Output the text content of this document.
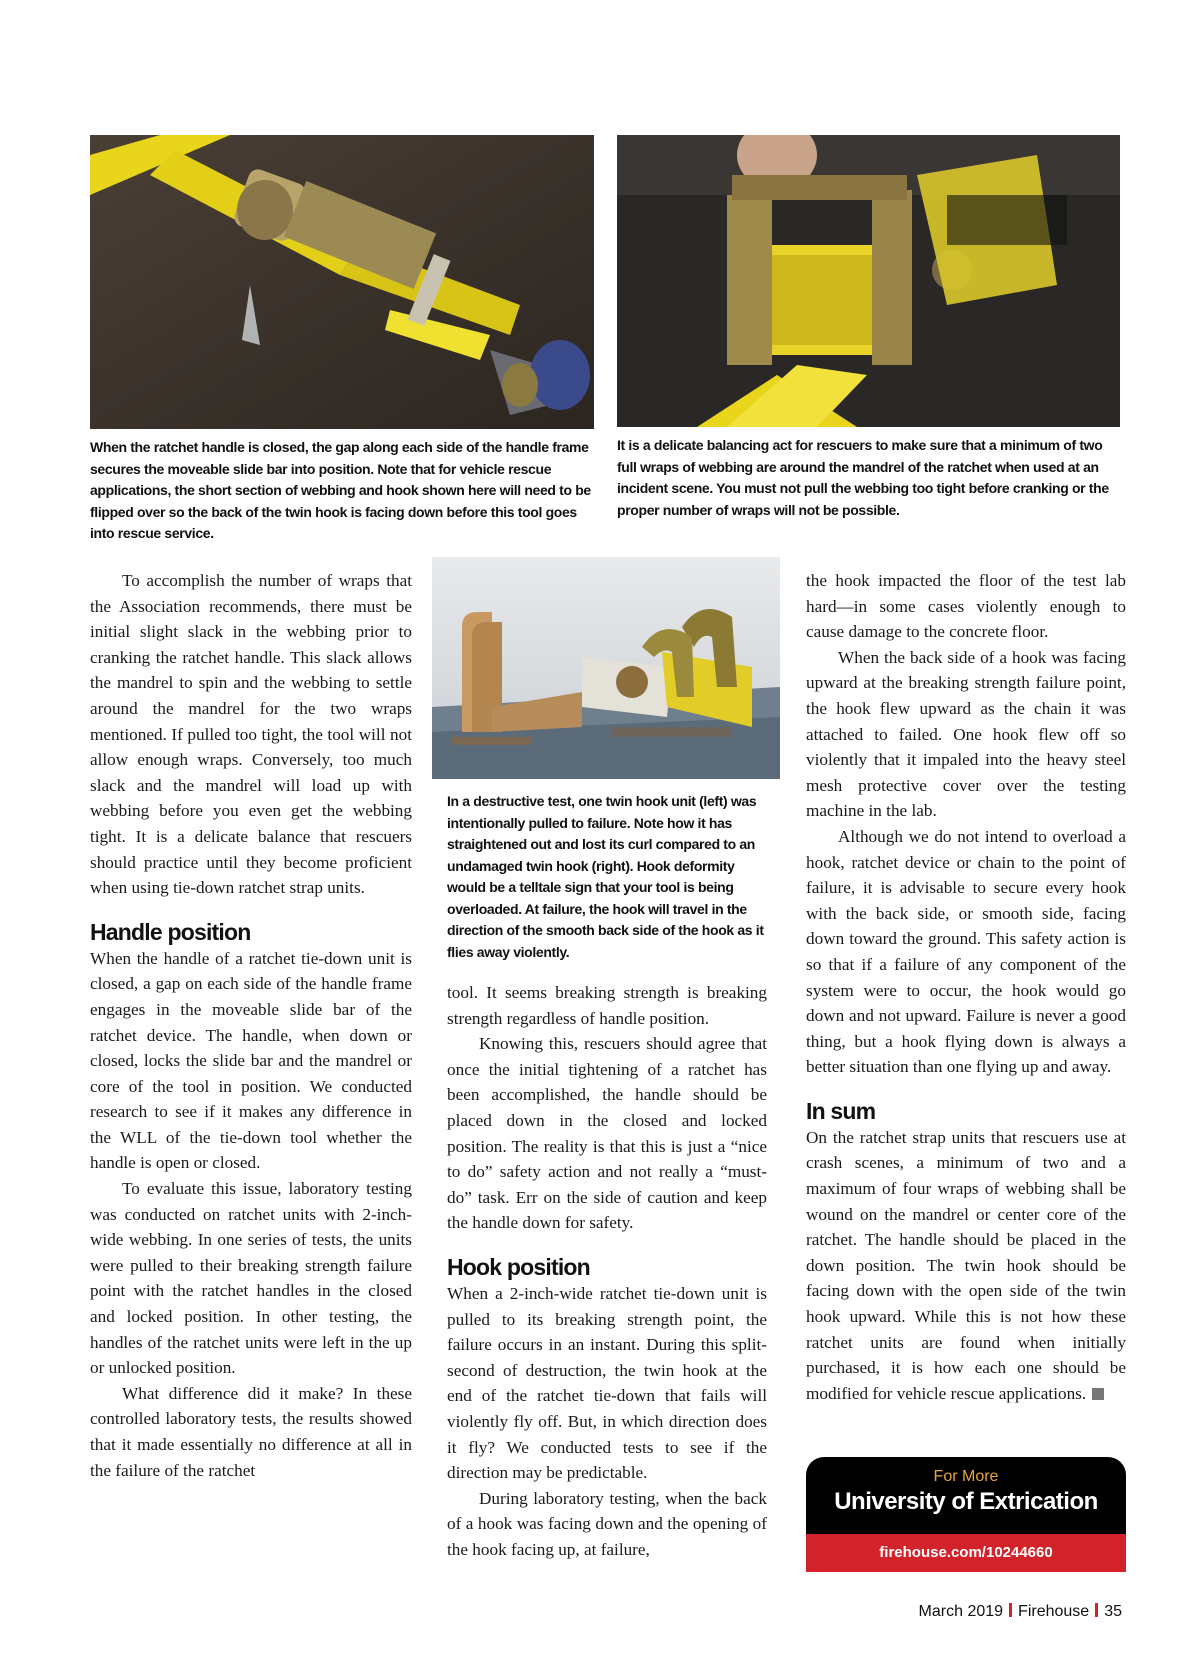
When the ratchet handle is closed, the gap along each side of the handle frame secures the moveable slide bar into position. Note that for vehicle rescue applications, the short section of webbing and hook shown here will need to be flipped over so the back of the twin hook is facing down before this tool goes into rescue service.
It is a delicate balancing act for rescuers to make sure that a minimum of two full wraps of webbing are around the mandrel of the ratchet when used at an incident scene. You must not pull the webbing too tight before cranking or the proper number of wraps will not be possible.
In a destructive test, one twin hook unit (left) was intentionally pulled to failure. Note how it has straightened out and lost its curl compared to an undamaged twin hook (right). Hook deformity would be a telltale sign that your tool is being overloaded. At failure, the hook will travel in the direction of the smooth back side of the hook as it flies away violently.

To accomplish the number of wraps that the Association recommends, there must be initial slight slack in the webbing prior to cranking the ratchet handle. This slack allows the mandrel to spin and the webbing to settle around the mandrel for the two wraps mentioned. If pulled too tight, the tool will not allow enough wraps. Conversely, too much slack and the mandrel will load up with webbing before you even get the webbing tight. It is a delicate balance that rescuers should practice until they become proficient when using tie-down ratchet strap units.

Handle position

When the handle of a ratchet tie-down unit is closed, a gap on each side of the handle frame engages in the moveable slide bar of the ratchet device. The handle, when down or closed, locks the slide bar and the mandrel or core of the tool in position. We conducted research to see if it makes any difference in the WLL of the tie-down tool whether the handle is open or closed.

To evaluate this issue, laboratory testing was conducted on ratchet units with 2-inch-wide webbing. In one series of tests, the units were pulled to their breaking strength failure point with the ratchet handles in the closed and locked position. In other testing, the handles of the ratchet units were left in the up or unlocked position.

What difference did it make? In these controlled laboratory tests, the results showed that it made essentially no difference at all in the failure of the ratchet

tool. It seems breaking strength is breaking strength regardless of handle position.

Knowing this, rescuers should agree that once the initial tightening of a ratchet has been accomplished, the handle should be placed down in the closed and locked position. The reality is that this is just a “nice to do” safety action and not really a “must-do” task. Err on the side of caution and keep the handle down for safety.

Hook position

When a 2-inch-wide ratchet tie-down unit is pulled to its breaking strength point, the failure occurs in an instant. During this split-second of destruction, the twin hook at the end of the ratchet tie-down that fails will violently fly off. But, in which direction does it fly? We conducted tests to see if the direction may be predictable.

During laboratory testing, when the back of a hook was facing down and the opening of the hook facing up, at failure,

the hook impacted the floor of the test lab hard—in some cases violently enough to cause damage to the concrete floor.

When the back side of a hook was facing upward at the breaking strength failure point, the hook flew upward as the chain it was attached to failed. One hook flew off so violently that it impaled into the heavy steel mesh protective cover over the testing machine in the lab.

Although we do not intend to overload a hook, ratchet device or chain to the point of failure, it is advisable to secure every hook with the back side, or smooth side, facing down toward the ground. This safety action is so that if a failure of any component of the system were to occur, the hook would go down and not upward. Failure is never a good thing, but a hook flying down is always a better situation than one flying up and away.

In sum

On the ratchet strap units that rescuers use at crash scenes, a minimum of two and a maximum of four wraps of webbing shall be wound on the mandrel or center core of the ratchet. The handle should be placed in the down position. The twin hook should be facing down with the open side of the twin hook upward. While this is not how these ratchet units are found when initially purchased, it is how each one should be modified for vehicle rescue applications.

For More
University of Extrication
firehouse.com/10244660
March 2019 Firehouse 35
